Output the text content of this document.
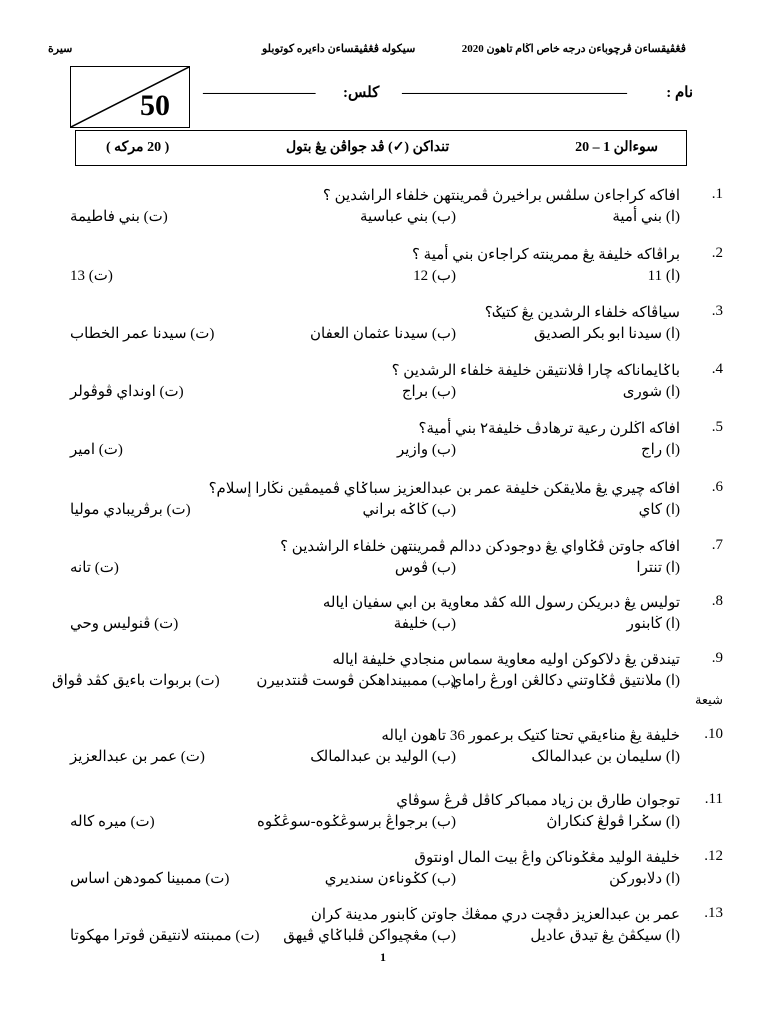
ڤڠڤيقسا‌ءن ڤرچوباءن درجه خاص اڬام تاهون 2020
سيکوله ڤڠڤيقسا‌ءن داءيره کوتوبلو
سيرة
50	نام :
______________________________
کلس:
_______________
سوءالن 1 – 20
تنداکن (✓) ڤد جواڤن يڠ بتول
( 20 مرکه )
.1
افاکه کراجاءن سلڤس براخيرڽ ڤمرينتهن خلفاء الراشدين ؟
(ا) بني أمية
(ب) بني عباسية
(ت) بني فاطيمة
.2
براڤاکه خليفة يڠ ممرينته کراجاءن بني أمية ؟
(ا) 11
(ب) 12
(ت) 13
.3
سياڤاکه خلفاء الرشدين يڠ کتيݢ؟
(ا) سيدنا ابو بکر الصديق
(ب) سيدنا عثمان العفان
(ت) سيدنا عمر الخطاب
.4
باݢايماناکه چارا ڤلانتيقن خليفة خلفاء الرشدين ؟
(ا) شورى
(ب) براج
(ت) اونداي ڤوڤولر
.5
افاکه اڬلرن رعية ترهادڤ خليفة٢ بني أمية؟
(ا) راج
(ب) وازير
(ت) امير
.6
افاکه چيري يڠ ملايقکن خليفة عمر بن عبدالعزيز سباݢاي ڤميمڤين نڬارا إسلام؟
(ا) کاي
(ب) ڬاݢه براني
(ت) برڤريبادي موليا
.7
افاکه جاوتن ڤݢاواي يڠ دوجودکن ددالم ڤمرينتهن خلفاء الراشدين ؟
(ا) تنترا
(ب) ڤوس
(ت) تانه
.8
توليس يڠ دبريکن رسول الله کڤد معاوية بن ابي سفيان ايالە
(ا) ڬابنور
(ب) خليفة
(ت) ڤنوليس وحي
.9
تيندقن يڠ دلاکوکن اوليه معاوية سماس منجادي خليفة ايالە
(ا) ملانتيق ڤݢاوتني دکالڠن اورڠ راماي
(ب) ممبينداهکن ڤوست ڤنتدبيرن
(ت) بربوات باءيق کڤد ڤواق
شيعة
.10
خليفة يڠ مناءيقي تحتا کتيک برعمور 36 تاهون ايالە
(ا) سليمان بن عبدالمالک
(ب) الوليد بن عبدالمالک
(ت) عمر بن عبدالعزيز
.11
توجوان طارق بن زياد ممباکر کاڤل ڤرڠ سوڤاي
(ا) سݢرا ڤولڠ کنکاراڽ
(ب) برجواڠ برسوڠݢوه-سوڠݢوه
(ت) ميره کاله
.12
خليفة الوليد مڠݢوناکن واڠ بيت المال اونتوق
(ا) دلابورکن
(ب) کݢوناءن سنديري
(ت) ممبينا کمودهن اساس
.13
عمر بن عبدالعزيز دڤچت دري ممڠڬ جاوتن ڬابنور مدينة کران
(ا) سيکڤڽ يڠ تيدق عاديل
(ب) مڠچيواکن ڤلباݢاي ڤيهق
(ت) ممبنته لانتيقن ڤوترا مهکوتا
1
